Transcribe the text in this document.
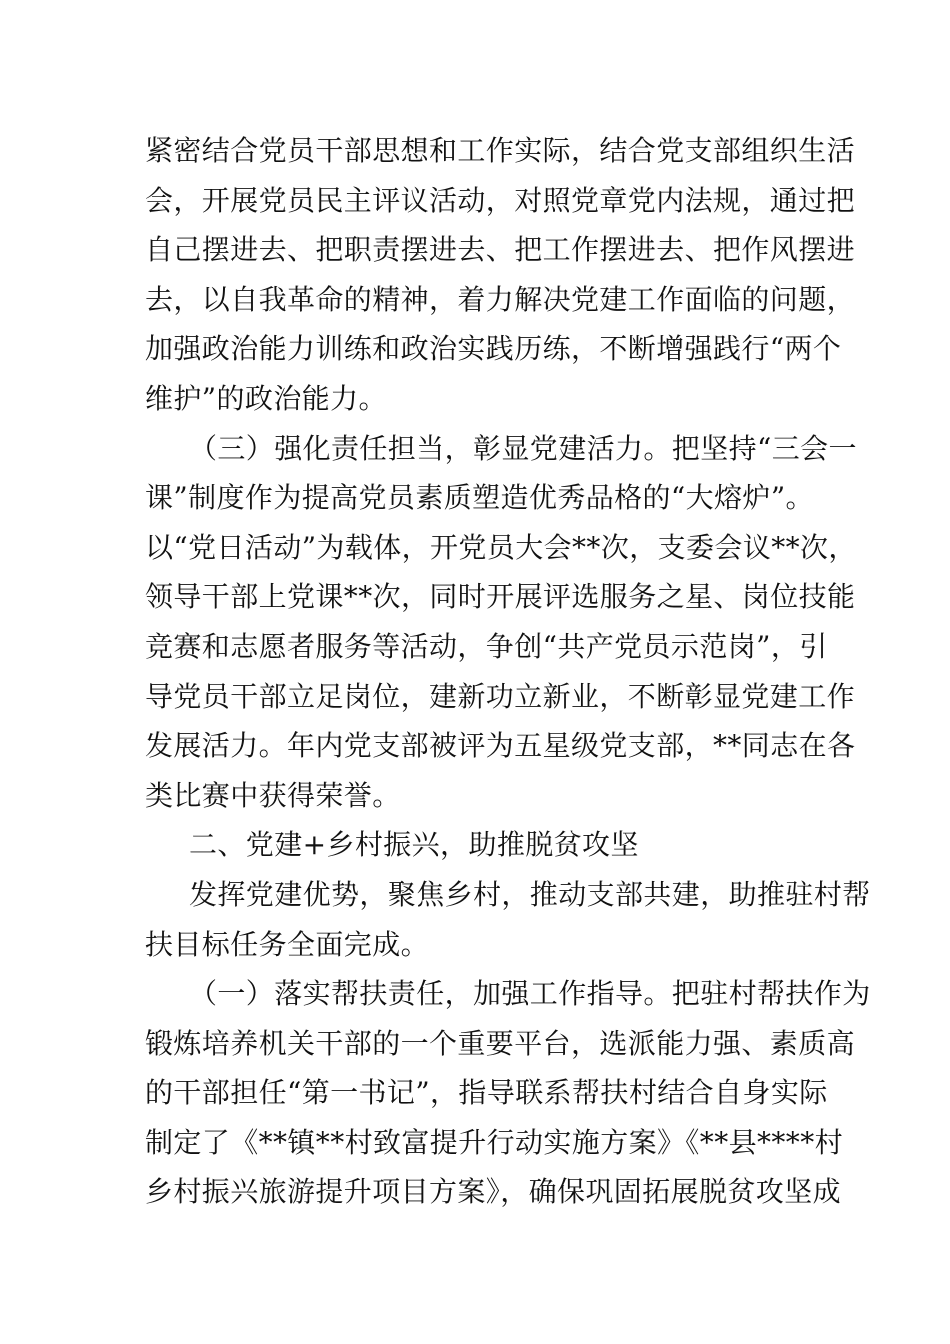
紧密结合党员干部思想和工作实际，结合党支部组织生活
会，开展党员民主评议活动，对照党章党内法规，通过把
自己摆进去、把职责摆进去、把工作摆进去、把作风摆进
去，以自我革命的精神，着力解决党建工作面临的问题，
加强政治能力训练和政治实践历练，不断增强践行“两个
维护”的政治能力。
（三）强化责任担当，彰显党建活力。把坚持“三会一
课”制度作为提高党员素质塑造优秀品格的“大熔炉”。
以“党日活动”为载体，开党员大会**次，支委会议**次，
领导干部上党课**次，同时开展评选服务之星、岗位技能
竞赛和志愿者服务等活动，争创“共产党员示范岗”，引
导党员干部立足岗位，建新功立新业，不断彰显党建工作
发展活力。年内党支部被评为五星级党支部，**同志在各
类比赛中获得荣誉。
二、党建+乡村振兴，助推脱贫攻坚
发挥党建优势，聚焦乡村，推动支部共建，助推驻村帮
扶目标任务全面完成。
（一）落实帮扶责任，加强工作指导。把驻村帮扶作为
锻炼培养机关干部的一个重要平台，选派能力强、素质高
的干部担任“第一书记”，指导联系帮扶村结合自身实际
制定了《**镇**村致富提升行动实施方案》《**县****村
乡村振兴旅游提升项目方案》，确保巩固拓展脱贫攻坚成
